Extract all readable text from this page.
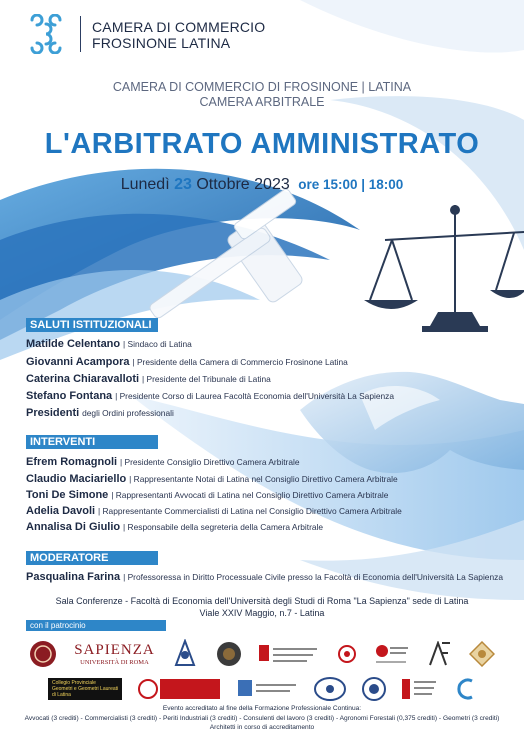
CAMERA DI COMMERCIO
FROSINONE LATINA
CAMERA DI COMMERCIO DI FROSINONE | LATINA
CAMERA ARBITRALE
L'ARBITRATO AMMINISTRATO
Lunedì 23 Ottobre 2023 ore 15:00 | 18:00
SALUTI ISTITUZIONALI
Matilde Celentano | Sindaco di Latina
Giovanni Acampora | Presidente della Camera di Commercio Frosinone Latina
Caterina Chiaravalloti | Presidente del Tribunale di Latina
Stefano Fontana | Presidente Corso di Laurea Facoltà Economia dell'Università La Sapienza
Presidenti degli Ordini professionali
INTERVENTI
Efrem Romagnoli | Presidente Consiglio Direttivo Camera Arbitrale
Claudio Maciariello | Rappresentante Notai di Latina nel Consiglio Direttivo Camera Arbitrale
Toni De Simone | Rappresentanti Avvocati di Latina nel Consiglio Direttivo Camera Arbitrale
Adelia Davoli | Rappresentante Commercialisti di Latina nel Consiglio Direttivo Camera Arbitrale
Annalisa Di Giulio | Responsabile della segreteria della Camera Arbitrale
MODERATORE
Pasqualina Farina | Professoressa in Diritto Processuale Civile presso la Facoltà di Economia dell'Università La Sapienza
Sala Conferenze - Facoltà di Economia dell'Università degli Studi di Roma "La Sapienza" sede di Latina
Viale XXIV Maggio, n.7 - Latina
con il patrocinio
SAPIENZA
UNIVERSITÀ DI ROMA
Collegio Provinciale
Geometri e Geometri Laureati
di Latina
Evento accreditato al fine della Formazione Professionale Continua:
Avvocati (3 crediti) - Commercialisti (3 crediti) - Periti Industriali (3 crediti) - Consulenti del lavoro (3 crediti) - Agronomi Forestali (0,375 crediti) - Geometri (3 crediti)
Architetti in corso di accreditamento
